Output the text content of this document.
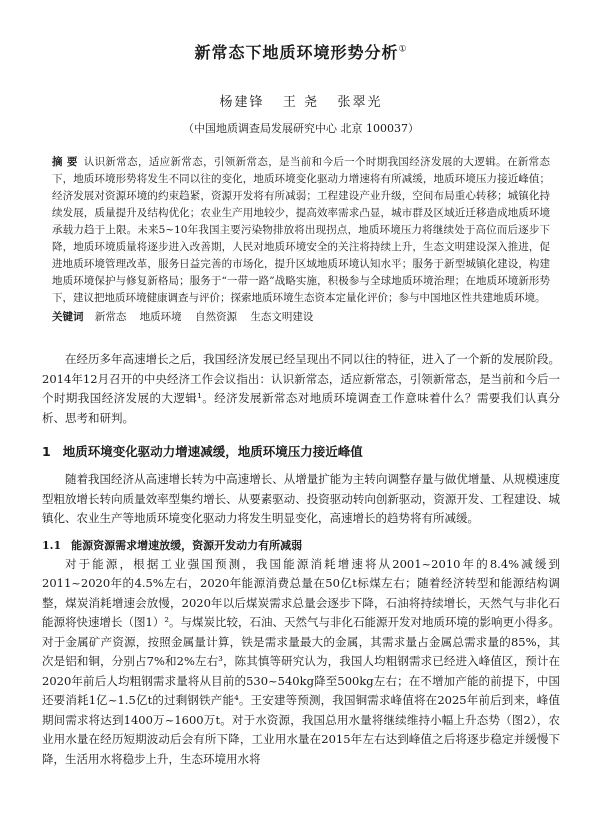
新常态下地质环境形势分析①
杨建锋 王 尧 张翠光
（中国地质调查局发展研究中心 北京 100037）
摘 要 认识新常态，适应新常态，引领新常态，是当前和今后一个时期我国经济发展的大逻辑。在新常态下，地质环境形势将发生不同以往的变化，地质环境变化驱动力增速将有所减缓，地质环境压力接近峰值；经济发展对资源环境的约束趋紧，资源开发将有所减弱；工程建设产业升级，空间布局重心转移；城镇化持续发展，质量提升及结构优化；农业生产用地较少，提高效率需求凸显，城市群及区域近迁移造成地质环境承载力趋于上限。未来5~10年我国主要污染物排放将出现拐点，地质环境压力将继续处于高位而后逐步下降，地质环境质量将逐步进入改善期，人民对地质环境安全的关注将持续上升，生态文明建设深入推进，促进地质环境管理改革，服务日益完善的市场化，提升区域地质环境认知水平；服务于新型城镇化建设，构建地质环境保护与修复新格局；服务于“一带一路”战略实施，积极参与全球地质环境治理；在地质环境新形势下，建议把地质环境健康调查与评价；探索地质环境生态资本定量化评价；参与中国地区性共建地质环境。
关键词 新常态 地质环境 自然资源 生态文明建设

在经历多年高速增长之后，我国经济发展已经呈现出不同以往的特征，进入了一个新的发展阶段。2014年12月召开的中央经济工作会议指出：认识新常态，适应新常态，引领新常态，是当前和今后一个时期我国经济发展的大逻辑¹。经济发展新常态对地质环境调查工作意味着什么？需要我们认真分析、思考和研判。

1 地质环境变化驱动力增速减缓，地质环境压力接近峰值

随着我国经济从高速增长转为中高速增长、从增量扩能为主转向调整存量与做优增量、从规模速度型粗放增长转向质量效率型集约增长、从要素驱动、投资驱动转向创新驱动，资源开发、工程建设、城镇化、农业生产等地质环境变化驱动力将发生明显变化，高速增长的趋势将有所减缓。

1.1 能源资源需求增速放缓，资源开发动力有所减弱

对于能源，根据工业强国预测，我国能源消耗增速将从2001~2010年的8.4%减缓到2011~2020年的4.5%左右，2020年能源消费总量在50亿t标煤左右；随着经济转型和能源结构调整，煤炭消耗增速会放慢，2020年以后煤炭需求总量会逐步下降，石油将持续增长，天然气与非化石能源将快速增长（图1）²。与煤炭比较，石油、天然气与非化石能源开发对地质环境的影响更小得多。对于金属矿产资源，按照金属量计算，铁是需求量最大的金属，其需求量占金属总需求量的85%，其次是铝和铜，分别占7%和2%左右³，陈其慎等研究认为，我国人均粗钢需求已经进入峰值区，预计在2020年前后人均粗钢需求量将从目前的530~540kg降至500kg左右；在不增加产能的前提下，中国还要消耗1亿~1.5亿t的过剩钢铁产能⁴。王安建等预测，我国铜需求峰值将在2025年前后到来，峰值期间需求将达到1400万~1600万t。对于水资源，我国总用水量将继续维持小幅上升态势（图2），农业用水量在经历短期波动后会有所下降，工业用水量在2015年左右达到峰值之后将逐步稳定并缓慢下降，生活用水将稳步上升，生态环境用水将
